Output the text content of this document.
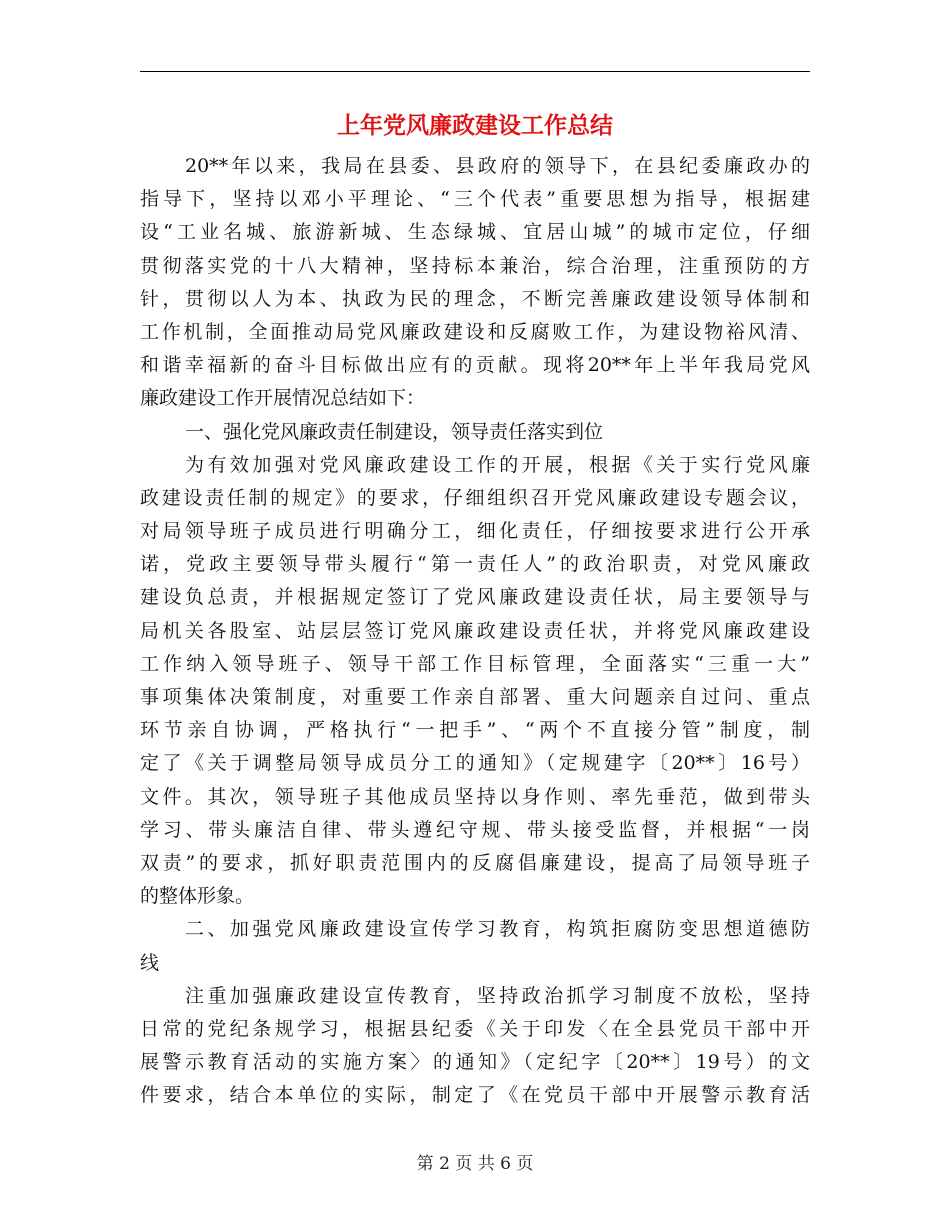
上年党风廉政建设工作总结
20**年以来，我局在县委、县政府的领导下，在县纪委廉政办的
指导下，坚持以邓小平理论、“三个代表”重要思想为指导，根据建
设“工业名城、旅游新城、生态绿城、宜居山城”的城市定位，仔细
贯彻落实党的十八大精神，坚持标本兼治，综合治理，注重预防的方
针，贯彻以人为本、执政为民的理念，不断完善廉政建设领导体制和
工作机制，全面推动局党风廉政建设和反腐败工作，为建设物裕风清、
和谐幸福新的奋斗目标做出应有的贡献。现将20**年上半年我局党风
廉政建设工作开展情况总结如下：
一、强化党风廉政责任制建设，领导责任落实到位
为有效加强对党风廉政建设工作的开展，根据《关于实行党风廉
政建设责任制的规定》的要求，仔细组织召开党风廉政建设专题会议，
对局领导班子成员进行明确分工，细化责任，仔细按要求进行公开承
诺，党政主要领导带头履行“第一责任人”的政治职责，对党风廉政
建设负总责，并根据规定签订了党风廉政建设责任状，局主要领导与
局机关各股室、站层层签订党风廉政建设责任状，并将党风廉政建设
工作纳入领导班子、领导干部工作目标管理，全面落实“三重一大”
事项集体决策制度，对重要工作亲自部署、重大问题亲自过问、重点
环节亲自协调，严格执行“一把手”、“两个不直接分管”制度，制
定了《关于调整局领导成员分工的通知》（定规建字〔20**〕16号）
文件。其次，领导班子其他成员坚持以身作则、率先垂范，做到带头
学习、带头廉洁自律、带头遵纪守规、带头接受监督，并根据“一岗
双责”的要求，抓好职责范围内的反腐倡廉建设，提高了局领导班子
的整体形象。
二、加强党风廉政建设宣传学习教育，构筑拒腐防变思想道德防
线
注重加强廉政建设宣传教育，坚持政治抓学习制度不放松，坚持
日常的党纪条规学习，根据县纪委《关于印发〈在全县党员干部中开
展警示教育活动的实施方案〉的通知》（定纪字〔20**〕19号）的文
件要求，结合本单位的实际，制定了《在党员干部中开展警示教育活
第 2 页 共 6 页
